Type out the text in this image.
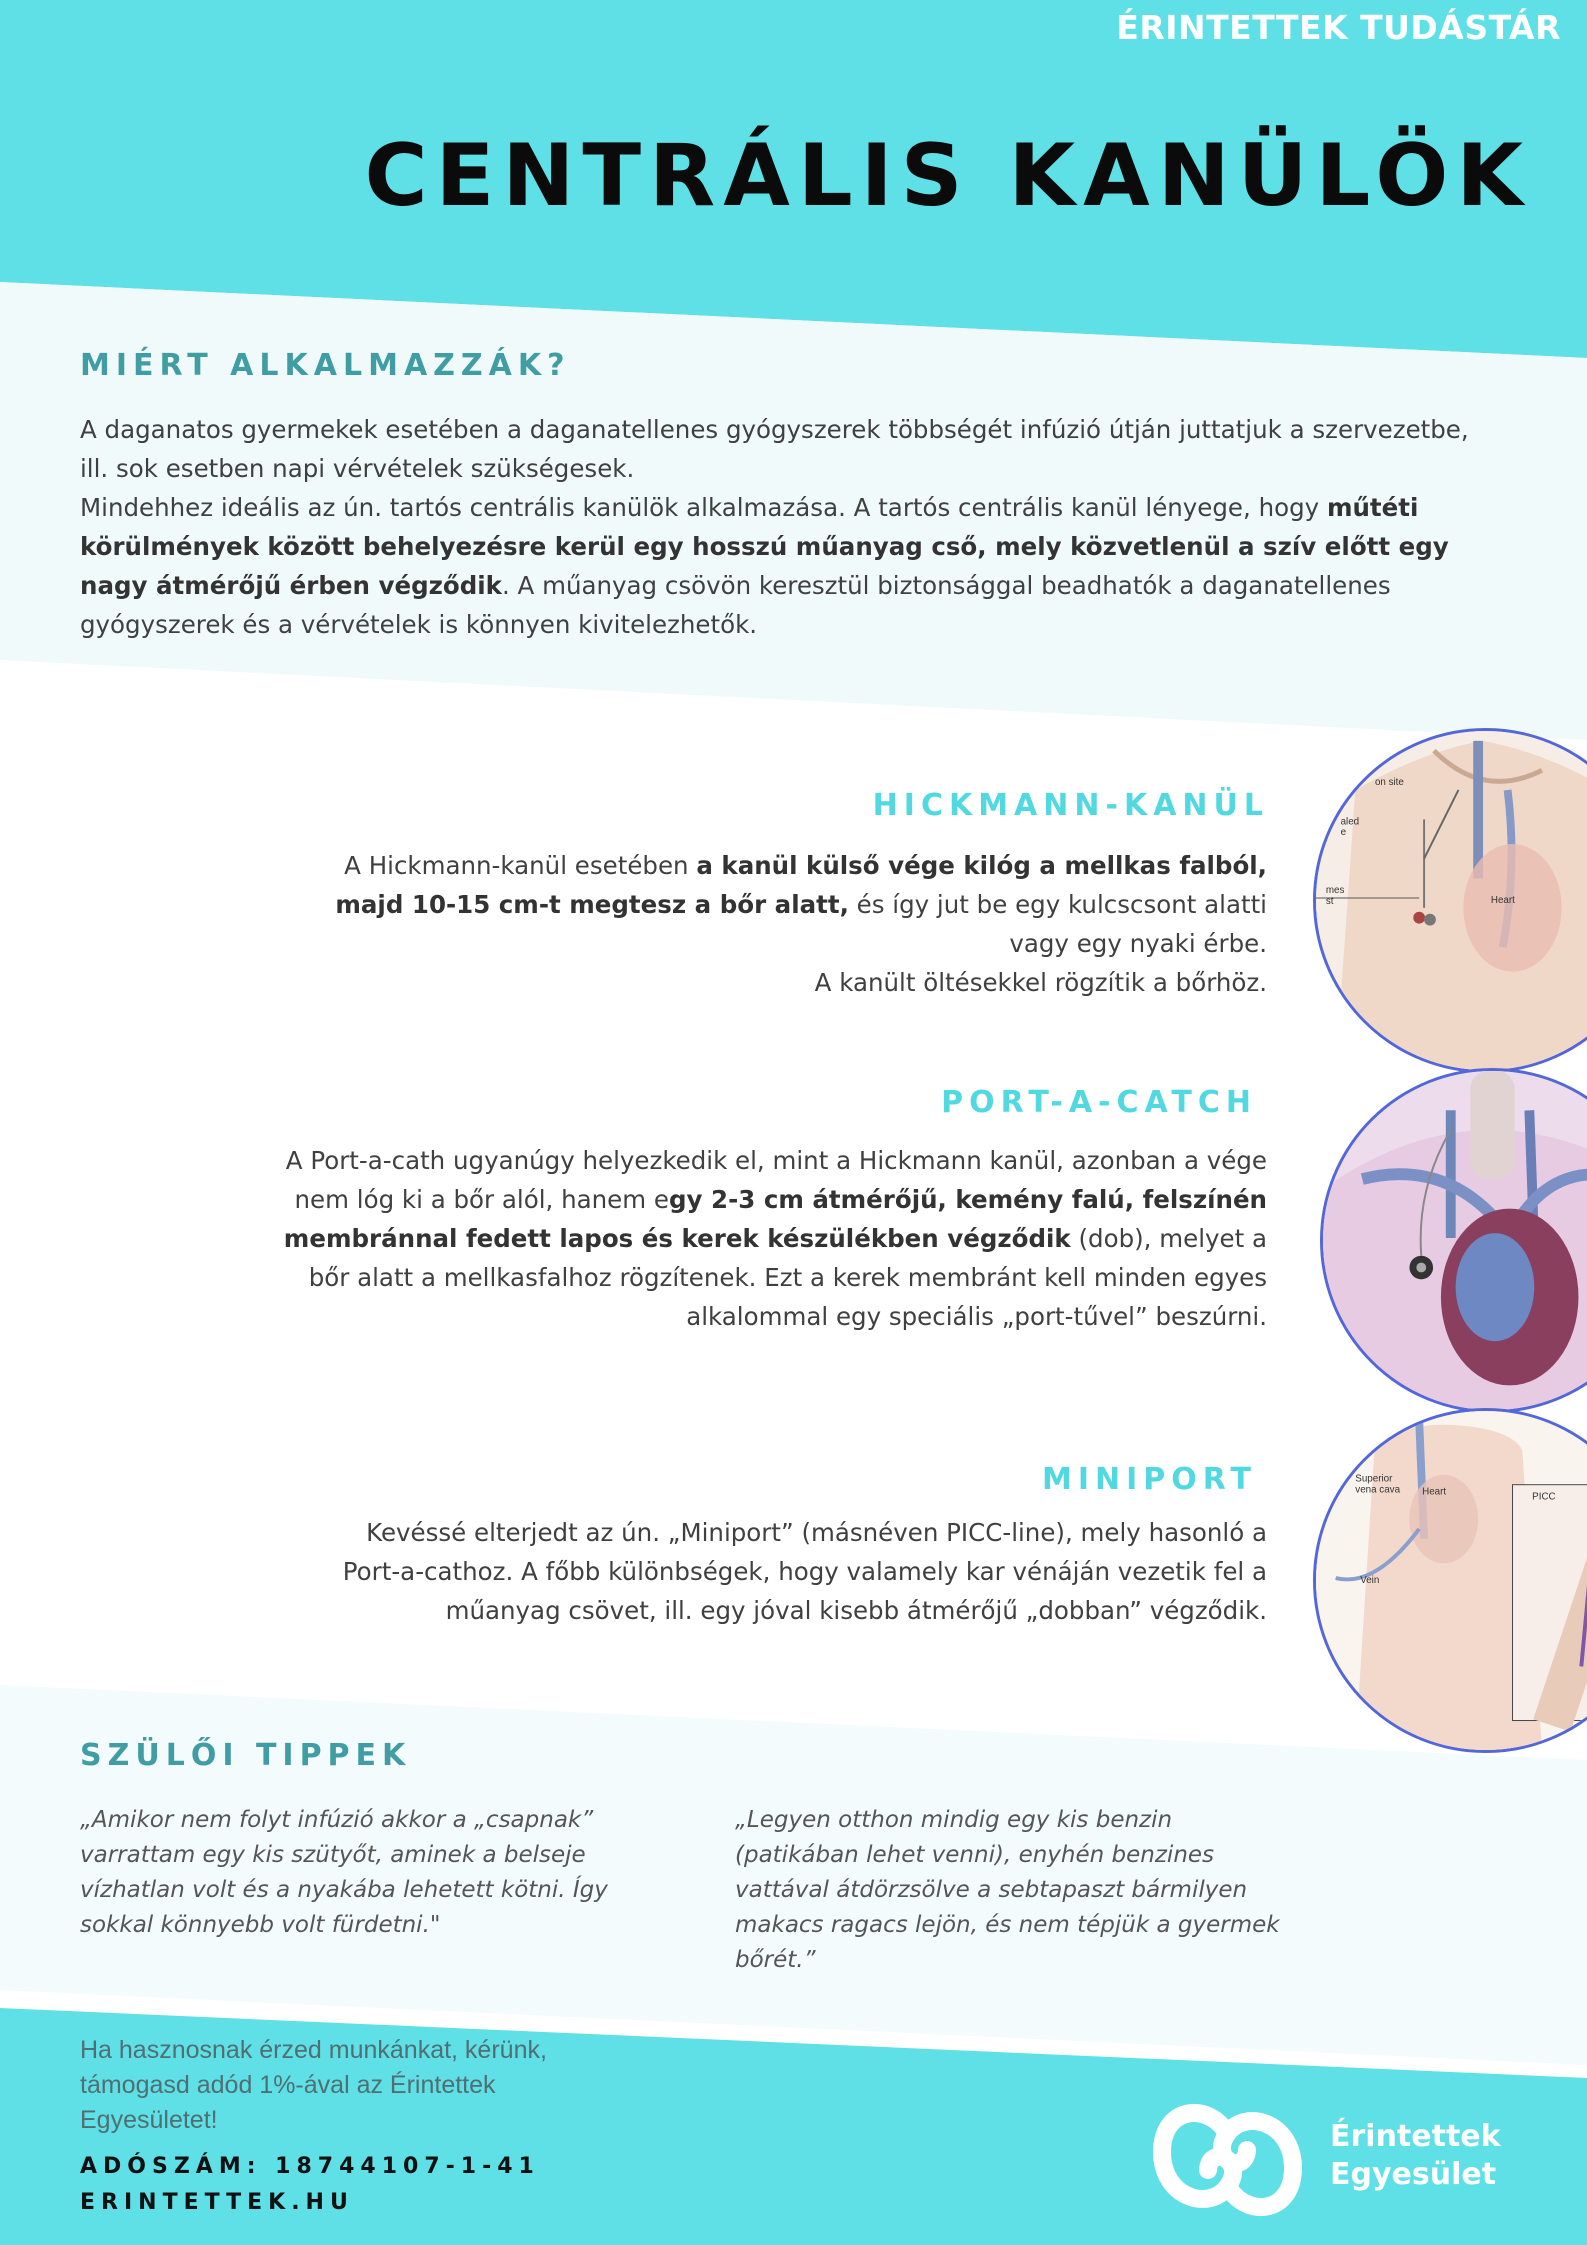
ÉRINTETTEK TUDÁSTÁR
CENTRÁLIS KANÜLÖK
MIÉRT ALKALMAZZÁK?
A daganatos gyermekek esetében a daganatellenes gyógyszerek többségét infúzió útján juttatjuk a szervezetbe, ill. sok esetben napi vérvételek szükségesek.
Mindehhez ideális az ún. tartós centrális kanülök alkalmazása. A tartós centrális kanül lényege, hogy műtéti körülmények között behelyezésre kerül egy hosszú műanyag cső, mely közvetlenül a szív előtt egy nagy átmérőjű érben végződik. A műanyag csövön keresztül biztonsággal beadhatók a daganatellenes gyógyszerek és a vérvételek is könnyen kivitelezhetők.
HICKMANN-KANÜL
A Hickmann-kanül esetében a kanül külső vége kilóg a mellkas falból, majd 10-15 cm-t megtesz a bőr alatt, és így jut be egy kulcscsont alatti vagy egy nyaki érbe.
A kanült öltésekkel rögzítik a bőrhöz.
PORT-A-CATCH
A Port-a-cath ugyanúgy helyezkedik el, mint a Hickmann kanül, azonban a vége nem lóg ki a bőr alól, hanem egy 2-3 cm átmérőjű, kemény falú, felszínén membránnal fedett lapos és kerek készülékben végződik (dob), melyet a bőr alatt a mellkasfalhoz rögzítenek. Ezt a kerek membránt kell minden egyes alkalommal egy speciális „port-tűvel” beszúrni.
MINIPORT
Kevéssé elterjedt az ún. „Miniport” (másnéven PICC-line), mely hasonló a Port-a-cathoz. A főbb különbségek, hogy valamely kar vénáján vezetik fel a műanyag csövet, ill. egy jóval kisebb átmérőjű „dobban” végződik.
on site
aled
e
mes
st	Heart
Superior
vena cava Heart
Vein
PICC
SZÜLŐI TIPPEK
„Amikor nem folyt infúzió akkor a „csapnak” varrattam egy kis szütyőt, aminek a belseje vízhatlan volt és a nyakába lehetett kötni. Így sokkal könnyebb volt fürdetni."
„Legyen otthon mindig egy kis benzin (patikában lehet venni), enyhén benzines vattával átdörzsölve a sebtapaszt bármilyen makacs ragacs lejön, és nem tépjük a gyermek bőrét.”
Ha hasznosnak érzed munkánkat, kérünk, támogasd adód 1%-ával az Érintettek Egyesületet!
ADÓSZÁM: 18744107-1-41
ERINTETTEK.HU
Érintettek
Egyesület
